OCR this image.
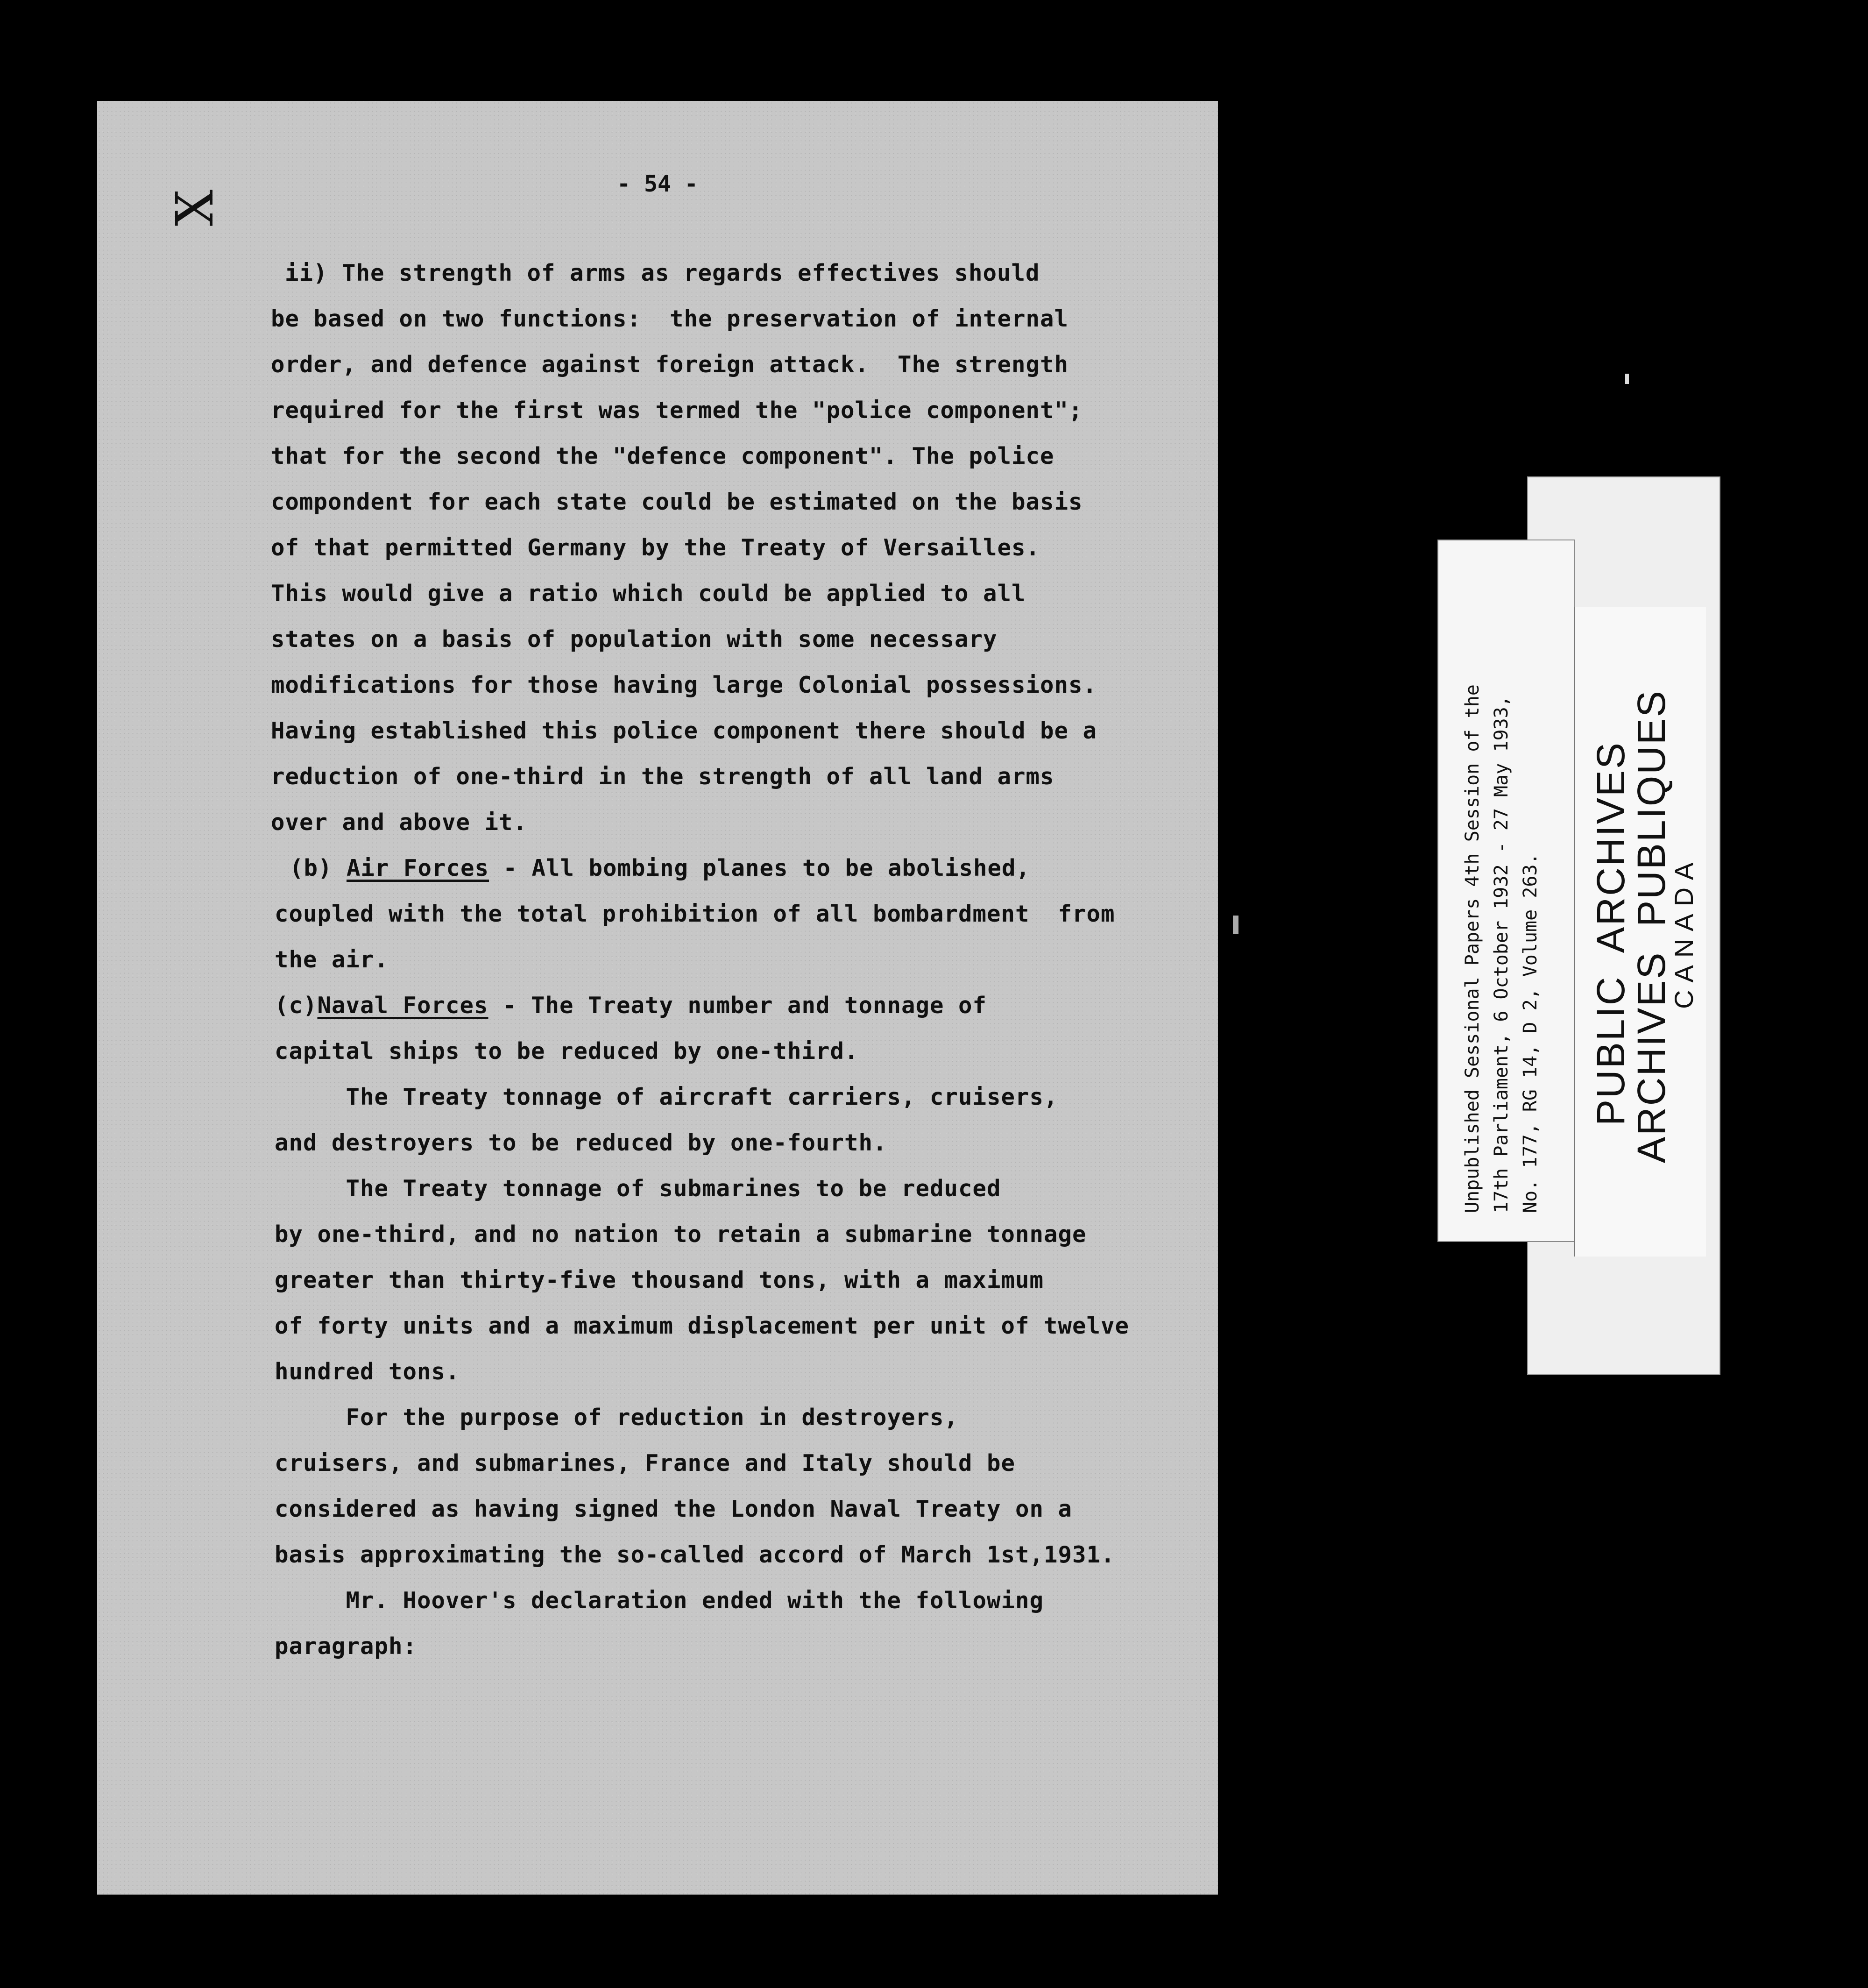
X
- 54 -
ii) The strength of arms as regards effectives should
be based on two functions:  the preservation of internal
order, and defence against foreign attack.  The strength
required for the first was termed the "police component";
that for the second the "defence component". The police
compondent for each state could be estimated on the basis
of that permitted Germany by the Treaty of Versailles.
This would give a ratio which could be applied to all
states on a basis of population with some necessary
modifications for those having large Colonial possessions.
Having established this police component there should be a
reduction of one-third in the strength of all land arms
over and above it.
(b) Air Forces - All bombing planes to be abolished,
coupled with the total prohibition of all bombardment  from
the air.
(c)Naval Forces - The Treaty number and tonnage of
capital ships to be reduced by one-third.
The Treaty tonnage of aircraft carriers, cruisers,
and destroyers to be reduced by one-fourth.
The Treaty tonnage of submarines to be reduced
by one-third, and no nation to retain a submarine tonnage
greater than thirty-five thousand tons, with a maximum
of forty units and a maximum displacement per unit of twelve
hundred tons.
For the purpose of reduction in destroyers,
cruisers, and submarines, France and Italy should be
considered as having signed the London Naval Treaty on a
basis approximating the so-called accord of March 1st,1931.
Mr. Hoover's declaration ended with the following
paragraph:
Unpublished Sessional Papers 4th Session of the 17th Parliament, 6 October 1932 - 27 May 1933, No. 177, RG 14, D 2, Volume 263. PUBLIC  ARCHIVES
ARCHIVES  PUBLIQUES
CANADA
